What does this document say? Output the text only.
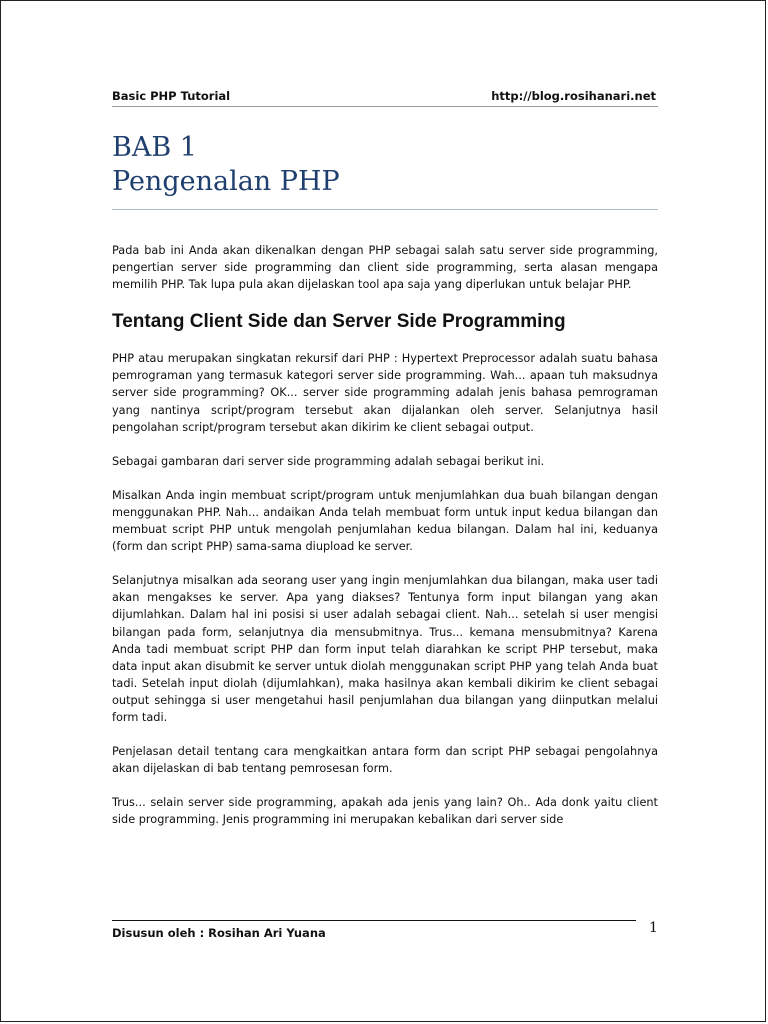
Basic PHP Tutorial	http://blog.rosihanari.net
BAB 1
Pengenalan PHP

Pada bab ini Anda akan dikenalkan dengan PHP sebagai salah satu server side programming, pengertian server side programming dan client side programming, serta alasan mengapa memilih PHP. Tak lupa pula akan dijelaskan tool apa saja yang diperlukan untuk belajar PHP.

Tentang Client Side dan Server Side Programming

PHP atau merupakan singkatan rekursif dari PHP : Hypertext Preprocessor adalah suatu bahasa pemrograman yang termasuk kategori server side programming. Wah... apaan tuh maksudnya server side programming? OK... server side programming adalah jenis bahasa pemrograman yang nantinya script/program tersebut akan dijalankan oleh server. Selanjutnya hasil pengolahan script/program tersebut akan dikirim ke client sebagai output.

Sebagai gambaran dari server side programming adalah sebagai berikut ini.

Misalkan Anda ingin membuat script/program untuk menjumlahkan dua buah bilangan dengan menggunakan PHP. Nah... andaikan Anda telah membuat form untuk input kedua bilangan dan membuat script PHP untuk mengolah penjumlahan kedua bilangan. Dalam hal ini, keduanya (form dan script PHP) sama-sama diupload ke server.

Selanjutnya misalkan ada seorang user yang ingin menjumlahkan dua bilangan, maka user tadi akan mengakses ke server. Apa yang diakses? Tentunya form input bilangan yang akan dijumlahkan. Dalam hal ini posisi si user adalah sebagai client. Nah... setelah si user mengisi bilangan pada form, selanjutnya dia mensubmitnya. Trus... kemana mensubmitnya? Karena Anda tadi membuat script PHP dan form input telah diarahkan ke script PHP tersebut, maka data input akan disubmit ke server untuk diolah menggunakan script PHP yang telah Anda buat tadi. Setelah input diolah (dijumlahkan), maka hasilnya akan kembali dikirim ke client sebagai output sehingga si user mengetahui hasil penjumlahan dua bilangan yang diinputkan melalui form tadi.

Penjelasan detail tentang cara mengkaitkan antara form dan script PHP sebagai pengolahnya akan dijelaskan di bab tentang pemrosesan form.

Trus... selain server side programming, apakah ada jenis yang lain? Oh.. Ada donk yaitu client side programming. Jenis programming ini merupakan kebalikan dari server side

Disusun oleh : Rosihan Ari Yuana	1
